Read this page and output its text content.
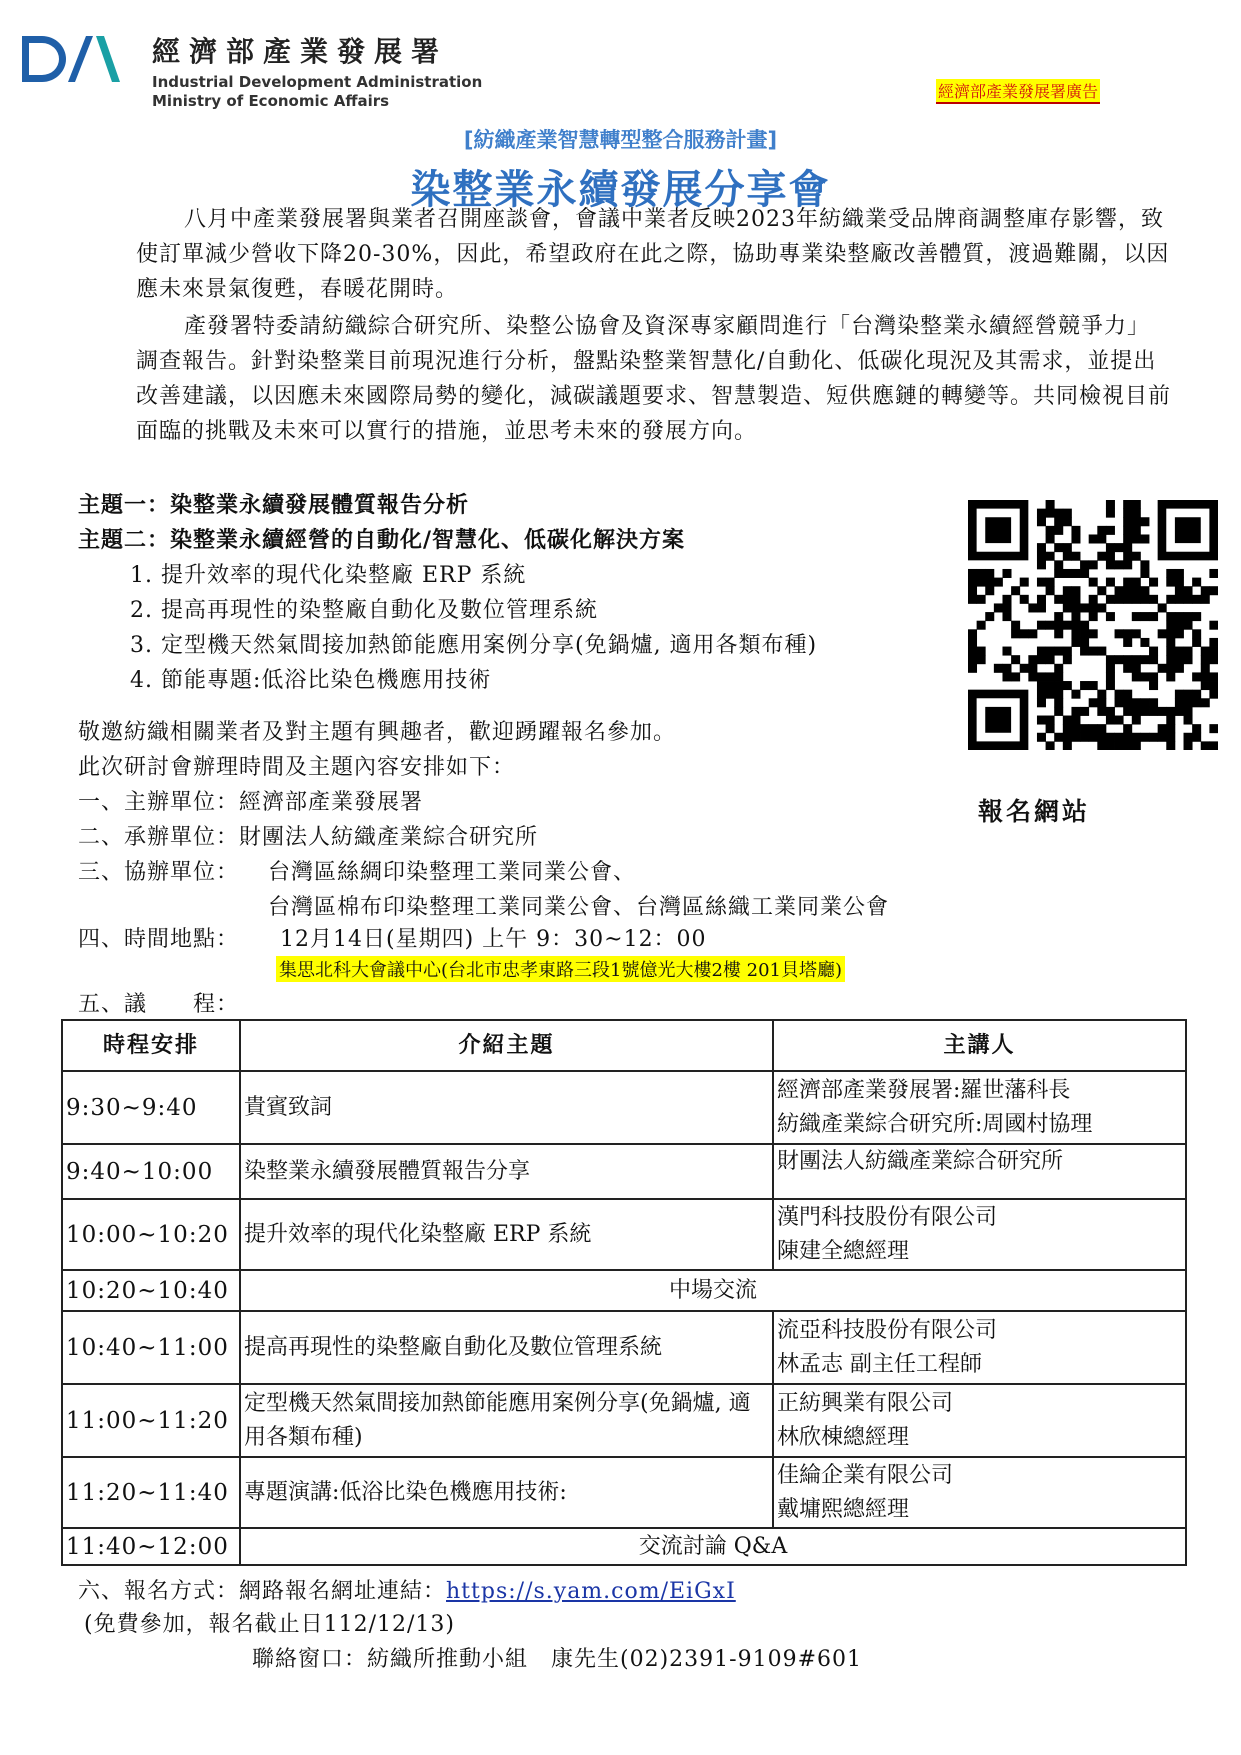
經濟部產業發展署
Industrial Development Administration
Ministry of Economic Affairs	經濟部產業發展署廣告
[紡織產業智慧轉型整合服務計畫]
染整業永續發展分享會
八月中產業發展署與業者召開座談會，會議中業者反映2023年紡織業受品牌商調整庫存影響，致使訂單減少營收下降20-30%，因此，希望政府在此之際，協助專業染整廠改善體質，渡過難關，以因應未來景氣復甦，春暖花開時。
產發署特委請紡織綜合研究所、染整公協會及資深專家顧問進行「台灣染整業永續經營競爭力」調查報告。針對染整業目前現況進行分析，盤點染整業智慧化/自動化、低碳化現況及其需求，並提出改善建議，以因應未來國際局勢的變化，減碳議題要求、智慧製造、短供應鏈的轉變等。共同檢視目前面臨的挑戰及未來可以實行的措施，並思考未來的發展方向。
主題一：染整業永續發展體質報告分析
主題二：染整業永續經營的自動化/智慧化、低碳化解決方案
1. 提升效率的現代化染整廠 ERP 系統
2. 提高再現性的染整廠自動化及數位管理系統
3. 定型機天然氣間接加熱節能應用案例分享(免鍋爐, 適用各類布種)
4. 節能專題:低浴比染色機應用技術
報名網站
敬邀紡織相關業者及對主題有興趣者，歡迎踴躍報名參加。
此次研討會辦理時間及主題內容安排如下：
一、主辦單位：經濟部產業發展署
二、承辦單位：財團法人紡織產業綜合研究所
三、協辦單位： 台灣區絲綢印染整理工業同業公會、
台灣區棉布印染整理工業同業公會、台灣區絲織工業同業公會
四、時間地點： 12月14日(星期四) 上午 9：30~12：00
集思北科大會議中心(台北市忠孝東路三段1號億光大樓2樓 201貝塔廳)
五、議　　程：
時程安排	介紹主題	主講人
9:30~9:40	貴賓致詞	經濟部產業發展署:羅世藩科長
紡織產業綜合研究所:周國村協理

9:40~10:00	染整業永續發展體質報告分享	財團法人紡織產業綜合研究所
10:00~10:20	提升效率的現代化染整廠 ERP 系統	漢門科技股份有限公司
陳建全總經理

10:20~10:40	中場交流	
10:40~11:00	提高再現性的染整廠自動化及數位管理系統	流亞科技股份有限公司
林孟志 副主任工程師

11:00~11:20	定型機天然氣間接加熱節能應用案例分享(免鍋爐, 適用各類布種)	正紡興業有限公司
林欣棟總經理

11:20~11:40	專題演講:低浴比染色機應用技術:	佳綸企業有限公司
戴墉熙總經理

11:40~12:00	交流討論 Q&A	
六、報名方式：網路報名網址連結：https://s.yam.com/EiGxI
(免費參加，報名截止日112/12/13)
聯絡窗口：紡織所推動小組　康先生(02)2391-9109#601
